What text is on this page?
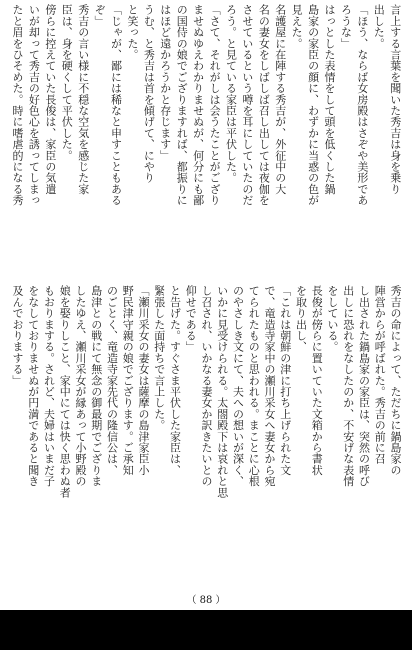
言上する言葉を聞いた秀吉は身を乗り
出した。
「ほう、ならば女房殿はさぞや美形であ
ろうな」
はっとした表情をして頭を低くした鍋
島家の家臣の顔に、わずかに当惑の色が
見えた。
名護屋に在陣する秀吉が、外征中の大
名の妻女をしばしば召し出しては夜伽を
させているという噂を耳にしていたのだ
ろう。と見ている家臣は平伏した。
「さて、それがしは会うたことがござり
ませぬゆえわかりませぬが、何分にも鄙
の国侍の娘でござりますれば、都振りに
はほど遠かろうかと存じます」
うむ、と秀吉は首を傾げて、にやり
と笑った。
「じゃが、鄙には稀なと申すこともある
ぞ」
秀吉の言い様に不穏な空気を感じた家
臣は、身を硬くして平伏した。
傍らに控えていた長俊は、家臣の気遣
いが却って秀吉の好色心を誘ってしまっ
たと眉をひそめた。時に嗜虐的になる秀
秀吉の命によって、ただちに鍋島家の
陣営からが呼ばれた。秀吉の前に召
し出された鍋島家の家臣は、突然の呼び
出しに恐れをなしたのか、不安げな表情
をしている。
長俊が傍らに置いていた文箱から書状
を取り出し、
「これは朝鮮の津に打ち上げられた文
で、竜造寺家中の瀬川采女へ妻女から宛
てられたものと思われる。まことに心根
のやさしき文にて、夫への想いが深く、
いかに見受けられる。太閤殿下は哀れと思
し召され、いかなる妻女か訳きたいとの
仰せである」
と告げた。すぐさま平伏した家臣は、
緊張した面持ちで言上した。
「瀬川采女の妻女は薩摩の島津家臣小
野民津守親の娘でござります。ご承知
のごとく、竜造寺家先代の隆信公は、
島津との戦にて無念の御最期でござりま
したゆえ、瀬川采女が縁あって小野殿の
娘を娶りしこと、家中にては快く思わぬ者
もおりまする。されど、夫婦はいまだ子
をなしておりませぬが円満であると聞き
及んでおりまする」
（ 88 ）
